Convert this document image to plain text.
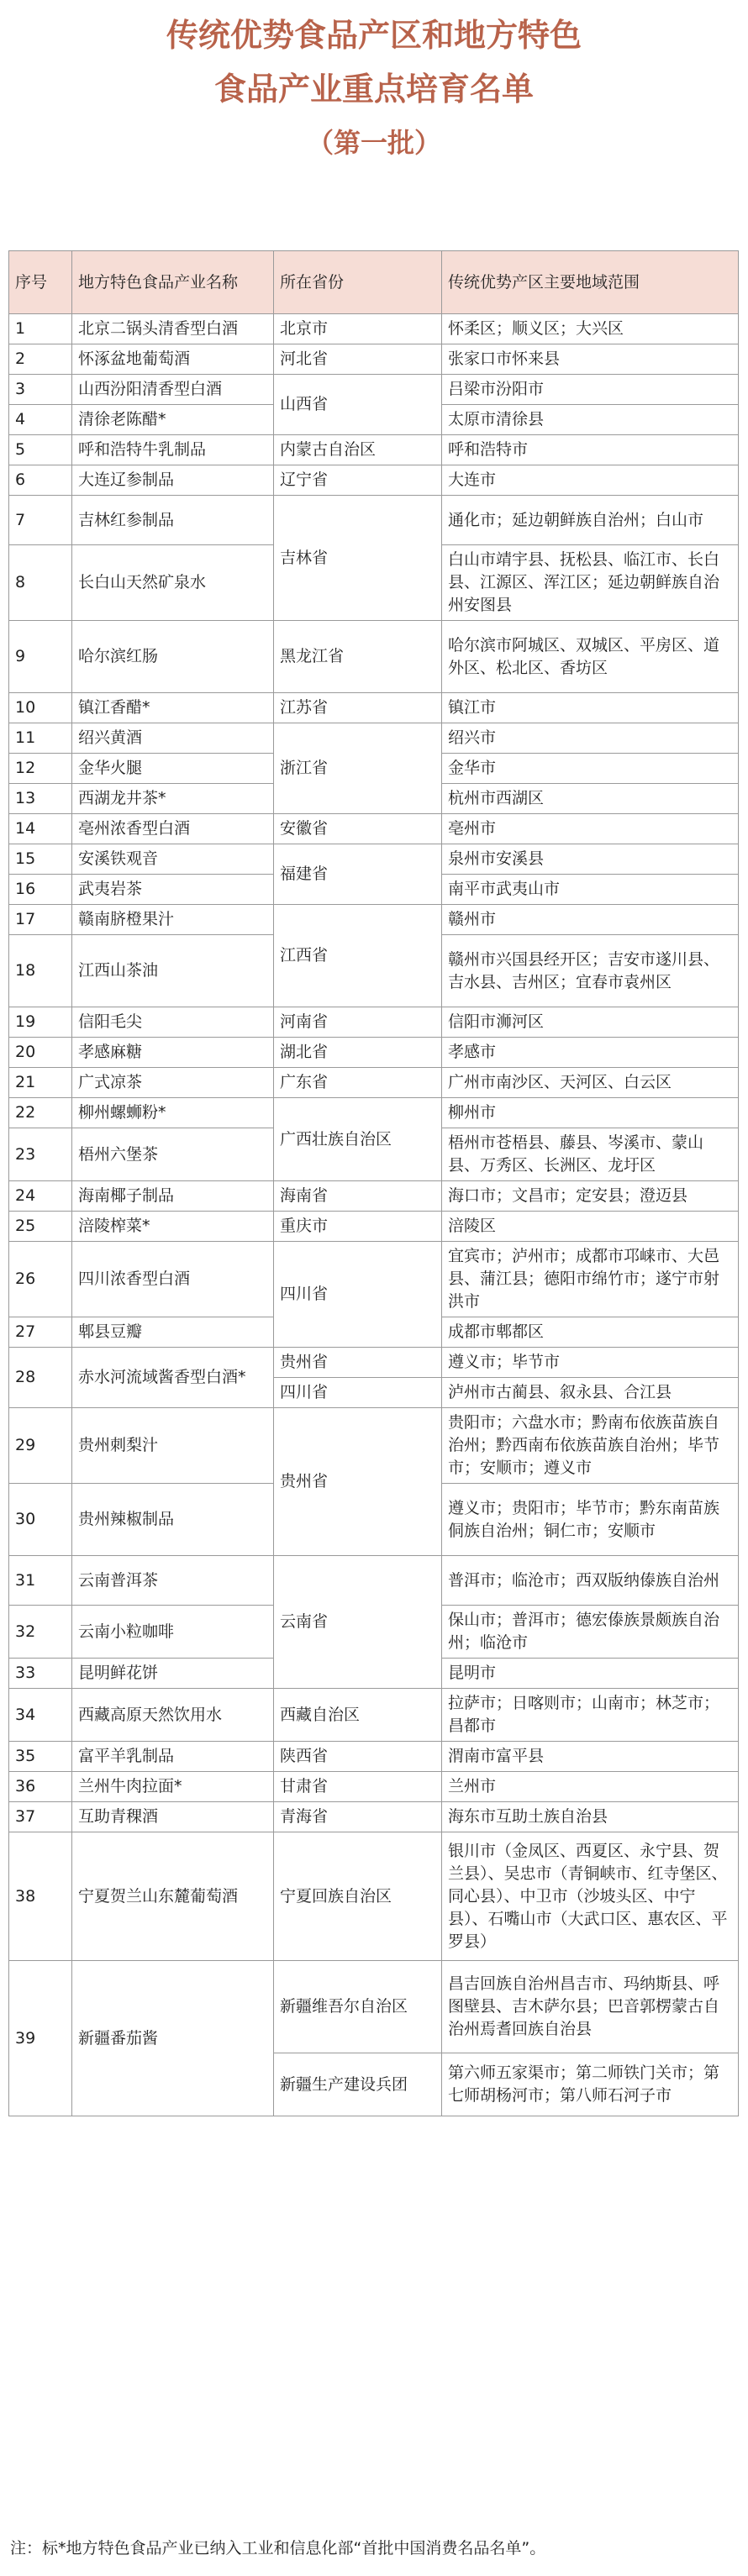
传统优势食品产区和地方特色
食品产业重点培育名单
（第一批）
序号	地方特色食品产业名称	所在省份	传统优势产区主要地域范围
1	北京二锅头清香型白酒	北京市	怀柔区；顺义区；大兴区
2	怀涿盆地葡萄酒	河北省	张家口市怀来县
3	山西汾阳清香型白酒	山西省	吕梁市汾阳市
4	清徐老陈醋*		太原市清徐县
5	呼和浩特牛乳制品	内蒙古自治区	呼和浩特市
6	大连辽参制品	辽宁省	大连市
7	吉林红参制品	吉林省	通化市；延边朝鲜族自治州；白山市
8	长白山天然矿泉水		白山市靖宇县、抚松县、临江市、长白县、江源区、浑江区；延边朝鲜族自治州安图县
9	哈尔滨红肠	黑龙江省	哈尔滨市阿城区、双城区、平房区、道外区、松北区、香坊区
10	镇江香醋*	江苏省	镇江市
11	绍兴黄酒	浙江省	绍兴市
12	金华火腿		金华市
13	西湖龙井茶*		杭州市西湖区
14	亳州浓香型白酒	安徽省	亳州市
15	安溪铁观音	福建省	泉州市安溪县
16	武夷岩茶		南平市武夷山市
17	赣南脐橙果汁	江西省	赣州市
18	江西山茶油		赣州市兴国县经开区；吉安市遂川县、吉水县、吉州区；宜春市袁州区
19	信阳毛尖	河南省	信阳市浉河区
20	孝感麻糖	湖北省	孝感市
21	广式凉茶	广东省	广州市南沙区、天河区、白云区
22	柳州螺蛳粉*	广西壮族自治区	柳州市
23	梧州六堡茶		梧州市苍梧县、藤县、岑溪市、蒙山县、万秀区、长洲区、龙圩区
24	海南椰子制品	海南省	海口市；文昌市；定安县；澄迈县
25	涪陵榨菜*	重庆市	涪陵区
26	四川浓香型白酒	四川省	宜宾市；泸州市；成都市邛崃市、大邑县、蒲江县；德阳市绵竹市；遂宁市射洪市
27	郫县豆瓣		成都市郫都区
28	赤水河流域酱香型白酒*	贵州省	遵义市；毕节市
		四川省	泸州市古蔺县、叙永县、合江县
29	贵州刺梨汁	贵州省	贵阳市；六盘水市；黔南布依族苗族自治州；黔西南布依族苗族自治州；毕节市；安顺市；遵义市
30	贵州辣椒制品		遵义市；贵阳市；毕节市；黔东南苗族侗族自治州；铜仁市；安顺市
31	云南普洱茶	云南省	普洱市；临沧市；西双版纳傣族自治州
32	云南小粒咖啡		保山市；普洱市；德宏傣族景颇族自治州；临沧市
33	昆明鲜花饼		昆明市
34	西藏高原天然饮用水	西藏自治区	拉萨市；日喀则市；山南市；林芝市；昌都市
35	富平羊乳制品	陕西省	渭南市富平县
36	兰州牛肉拉面*	甘肃省	兰州市
37	互助青稞酒	青海省	海东市互助土族自治县
38	宁夏贺兰山东麓葡萄酒	宁夏回族自治区	银川市（金凤区、西夏区、永宁县、贺兰县）、吴忠市（青铜峡市、红寺堡区、同心县）、中卫市（沙坡头区、中宁县）、石嘴山市（大武口区、惠农区、平罗县）
39	新疆番茄酱	新疆维吾尔自治区	昌吉回族自治州昌吉市、玛纳斯县、呼图壁县、吉木萨尔县；巴音郭楞蒙古自治州焉耆回族自治县
		新疆生产建设兵团	第六师五家渠市；第二师铁门关市；第七师胡杨河市；第八师石河子市
注：标*地方特色食品产业已纳入工业和信息化部“首批中国消费名品名单”。
